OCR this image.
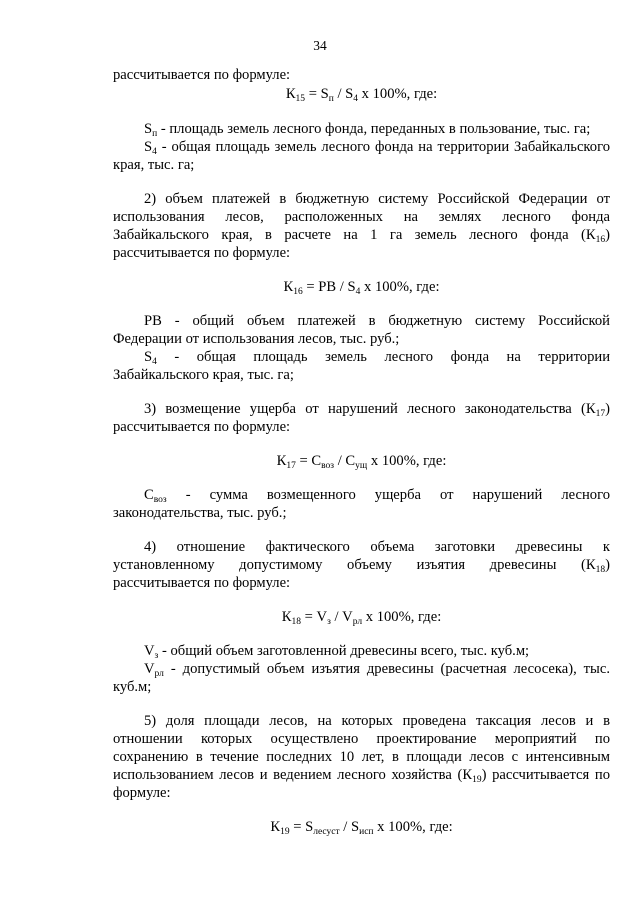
34
рассчитывается по формуле:
$К_{15} = S_п / S_4$ х 100%, где:
$S_п$ - площадь земель лесного фонда, переданных в пользование, тыс. га;
$S_4$ - общая площадь земель лесного фонда на территории Забайкальского
края, тыс. га;
2) объем платежей в бюджетную систему Российской Федерации от
использования лесов, расположенных на землях лесного фонда
Забайкальского края, в расчете на 1 га земель лесного фонда $(К_{16})$
рассчитывается по формуле:
$К_{16}$ = PB / $S_4$ х 100%, где:
PB - общий объем платежей в бюджетную систему Российской
Федерации от использования лесов, тыс. руб.;
$S_4$ - общая площадь земель лесного фонда на территории
Забайкальского края, тыс. га;
3) возмещение ущерба от нарушений лесного законодательства $(К_{17})$
рассчитывается по формуле:
$К_{17} = С_{воз} / С_{ущ}$ х 100%, где:
$С_{воз}$ - сумма возмещенного ущерба от нарушений лесного
законодательства, тыс. руб.;
4) отношение фактического объема заготовки древесины к
установленному допустимому объему изъятия древесины $(К_{18})$
рассчитывается по формуле:
$К_{18} = V_з / V_{рл}$ х 100%, где:
$V_з$ - общий объем заготовленной древесины всего, тыс. куб.м;
$V_{рл}$ - допустимый объем изъятия древесины (расчетная лесосека), тыс.
куб.м;
5) доля площади лесов, на которых проведена таксация лесов и в
отношении которых осуществлено проектирование мероприятий по
сохранению в течение последних 10 лет, в площади лесов с интенсивным
использованием лесов и ведением лесного хозяйства $(К_{19})$ рассчитывается по
формуле:
$К_{19} = S_{лесуст} / S_{исп}$ х 100%, где:
